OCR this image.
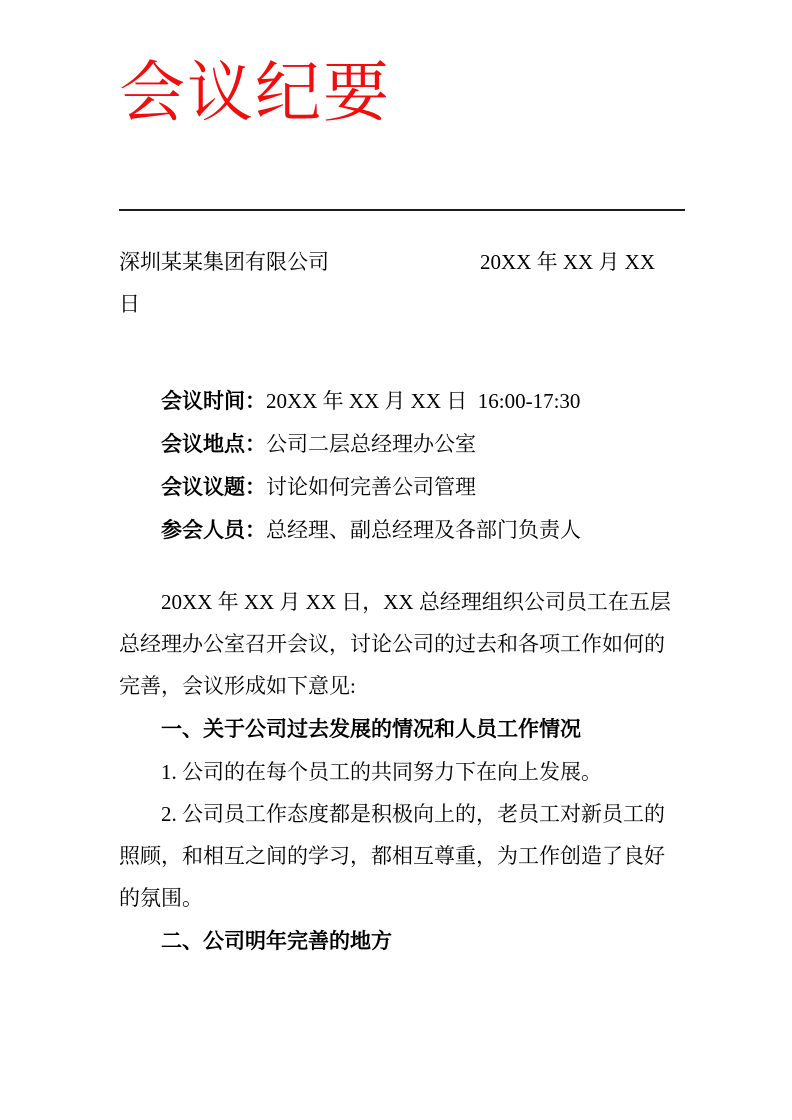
会议纪要
深圳某某集团有限公司	20XX 年 XX 月 XX
日
会议时间：20XX 年 XX 月 XX 日  16:00-17:30
会议地点：公司二层总经理办公室
会议议题：讨论如何完善公司管理
参会人员：总经理、副总经理及各部门负责人

20XX 年 XX 月 XX 日，XX 总经理组织公司员工在五层总经理办公室召开会议，讨论公司的过去和各项工作如何的完善，会议形成如下意见:

一、关于公司过去发展的情况和人员工作情况

1. 公司的在每个员工的共同努力下在向上发展。

2. 公司员工作态度都是积极向上的，老员工对新员工的照顾，和相互之间的学习，都相互尊重，为工作创造了良好的氛围。

二、公司明年完善的地方
